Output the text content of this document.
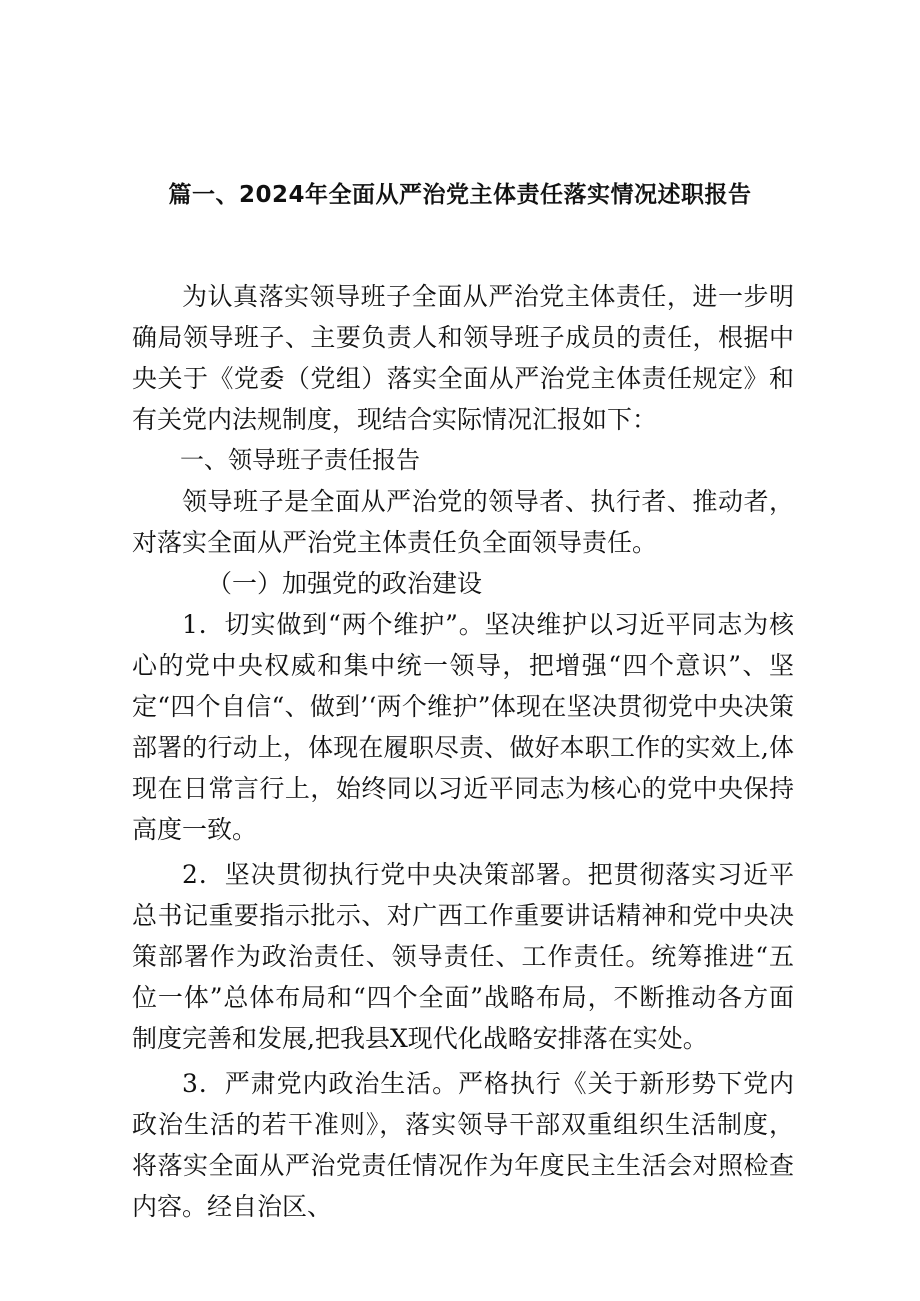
篇一、2024年全面从严治党主体责任落实情况述职报告

为认真落实领导班子全面从严治党主体责任，进一步明确局领导班子、主要负责人和领导班子成员的责任，根据中央关于《党委（党组）落实全面从严治党主体责任规定》和有关党内法规制度，现结合实际情况汇报如下：

一、领导班子责任报告

领导班子是全面从严治党的领导者、执行者、推动者，对落实全面从严治党主体责任负全面领导责任。

（一）加强党的政治建设

1．切实做到“两个维护”。坚决维护以习近平同志为核心的党中央权威和集中统一领导，把增强“四个意识”、坚定“四个自信“、做到’‘两个维护”体现在坚决贯彻党中央决策部署的行动上，体现在履职尽责、做好本职工作的实效上,体现在日常言行上，始终同以习近平同志为核心的党中央保持高度一致。

2．坚决贯彻执行党中央决策部署。把贯彻落实习近平总书记重要指示批示、对广西工作重要讲话精神和党中央决策部署作为政治责任、领导责任、工作责任。统筹推进“五位一体”总体布局和“四个全面”战略布局，不断推动各方面制度完善和发展,把我县X现代化战略安排落在实处。

3．严肃党内政治生活。严格执行《关于新形势下党内政治生活的若干准则》，落实领导干部双重组织生活制度，将落实全面从严治党责任情况作为年度民主生活会对照检查内容。经自治区、
